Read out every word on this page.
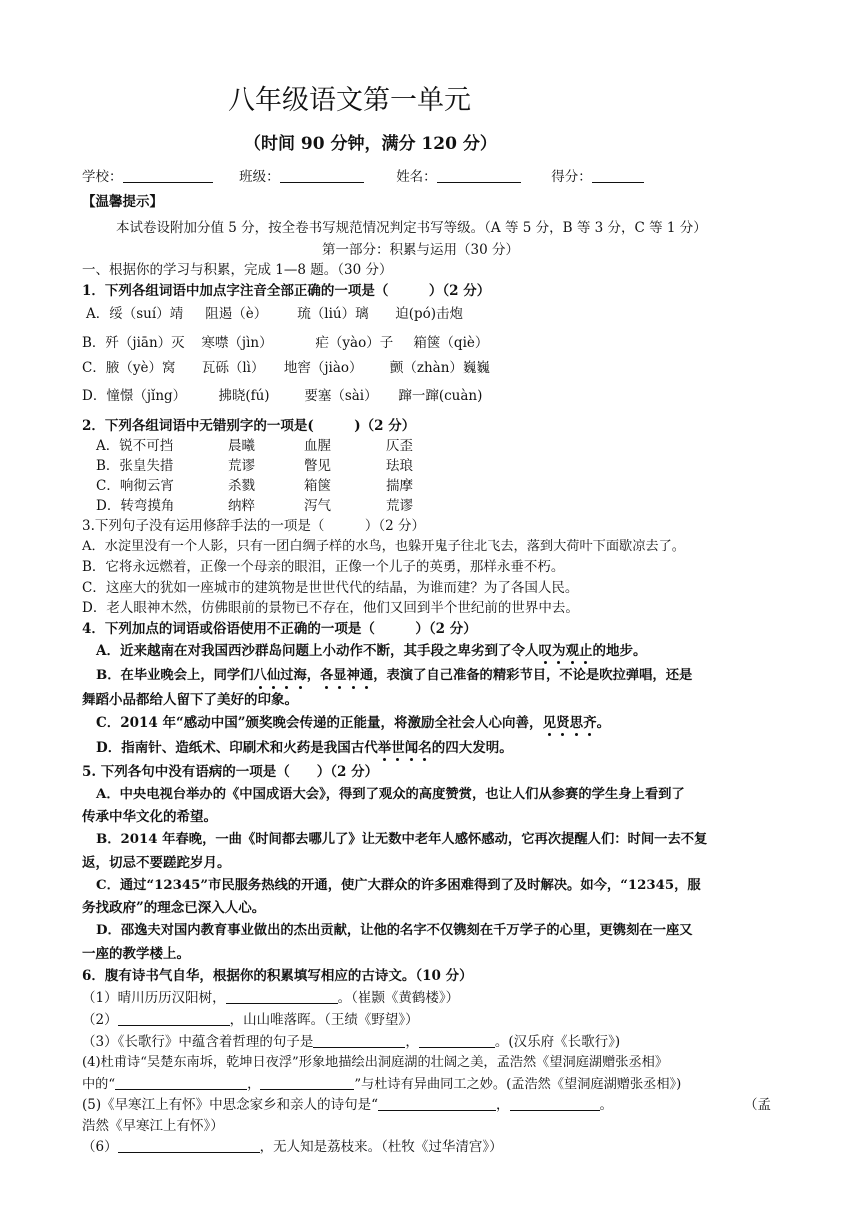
八年级语文第一单元
（时间 90 分钟，满分 120 分）
学校：	班级：	姓名：	得分：
【温馨提示】
本试卷设附加分值 5 分，按全卷书写规范情况判定书写等级。（A 等 5 分，B 等 3 分，C 等 1 分）
第一部分：积累与运用（30 分）
一、根据你的学习与积累，完成 1—8 题。（30 分）
1．下列各组词语中加点字注音全部正确的一项是（　　　）（2 分）
A．绥（suí）靖 阻遏（è） 琉（liú）璃 迫(pó)击炮
B．歼（jiān）灭 寒噤（jìn）	疟（yào）子 箱箧（qiè）
C．腋（yè）窝 瓦砾（lì） 地窖（jiào） 颤（zhàn）巍巍
D．憧憬（jǐng） 拂晓(fú)	要塞（sài） 蹿一蹿(cuàn)
2．下列各组词语中无错别字的一项是(　　　)（2 分）
A．锐不可挡	晨曦	血腥	仄歪
B．张皇失措	荒谬	瞥见	珐琅
C．响彻云宵	杀戮	箱箧	揣摩
D．转弯摸角	纳粹	泻气	荒谬
3.下列句子没有运用修辞手法的一项是（　　　）（2 分）
A．水淀里没有一个人影，只有一团白绸子样的水鸟，也躲开鬼子往北飞去，落到大荷叶下面歇凉去了。
B．它将永远燃着，正像一个母亲的眼泪，正像一个儿子的英勇，那样永垂不朽。
C．这座大的犹如一座城市的建筑物是世世代代的结晶，为谁而建？为了各国人民。
D．老人眼神木然，仿佛眼前的景物已不存在，他们又回到半个世纪前的世界中去。
4．下列加点的词语或俗语使用不正确的一项是（　　　）（2 分）
A．近来越南在对我国西沙群岛问题上小动作不断，其手段之卑劣到了令人叹为观止的地步。
B．在毕业晚会上，同学们八仙过海，各显神通，表演了自己准备的精彩节目，不论是吹拉弹唱，还是
舞蹈小品都给人留下了美好的印象。
C．2014 年“感动中国”颁奖晚会传递的正能量，将激励全社会人心向善，见贤思齐。
D．指南针、造纸术、印刷术和火药是我国古代举世闻名的四大发明。
5. 下列各句中没有语病的一项是（　　）（2 分）
A．中央电视台举办的《中国成语大会》，得到了观众的高度赞赏，也让人们从参赛的学生身上看到了
传承中华文化的希望。
B．2014 年春晚，一曲《时间都去哪儿了》让无数中老年人感怀感动，它再次提醒人们：时间一去不复
返，切忌不要蹉跎岁月。
C．通过“12345”市民服务热线的开通，使广大群众的许多困难得到了及时解决。如今，“12345，服
务找政府”的理念已深入人心。
D．邵逸夫对国内教育事业做出的杰出贡献，让他的名字不仅镌刻在千万学子的心里，更镌刻在一座又
一座的教学楼上。
6．腹有诗书气自华，根据你的积累填写相应的古诗文。（10 分）
（1）晴川历历汉阳树，	。（崔颢《黄鹤楼》）
（2）	，山山唯落晖。（王绩《野望》）
（3）《长歌行》中蕴含着哲理的句子是	，	。(汉乐府《长歌行》)
(4)杜甫诗“吴楚东南坼，乾坤日夜浮”形象地描绘出洞庭湖的壮阔之美，孟浩然《望洞庭湖赠张丞相》
中的“	，	”与杜诗有异曲同工之妙。(孟浩然《望洞庭湖赠张丞相》)
(5)《早寒江上有怀》中思念家乡和亲人的诗句是“	，	。	（孟
浩然《早寒江上有怀》）
（6）	，无人知是荔枝来。（杜牧《过华清宫》）
